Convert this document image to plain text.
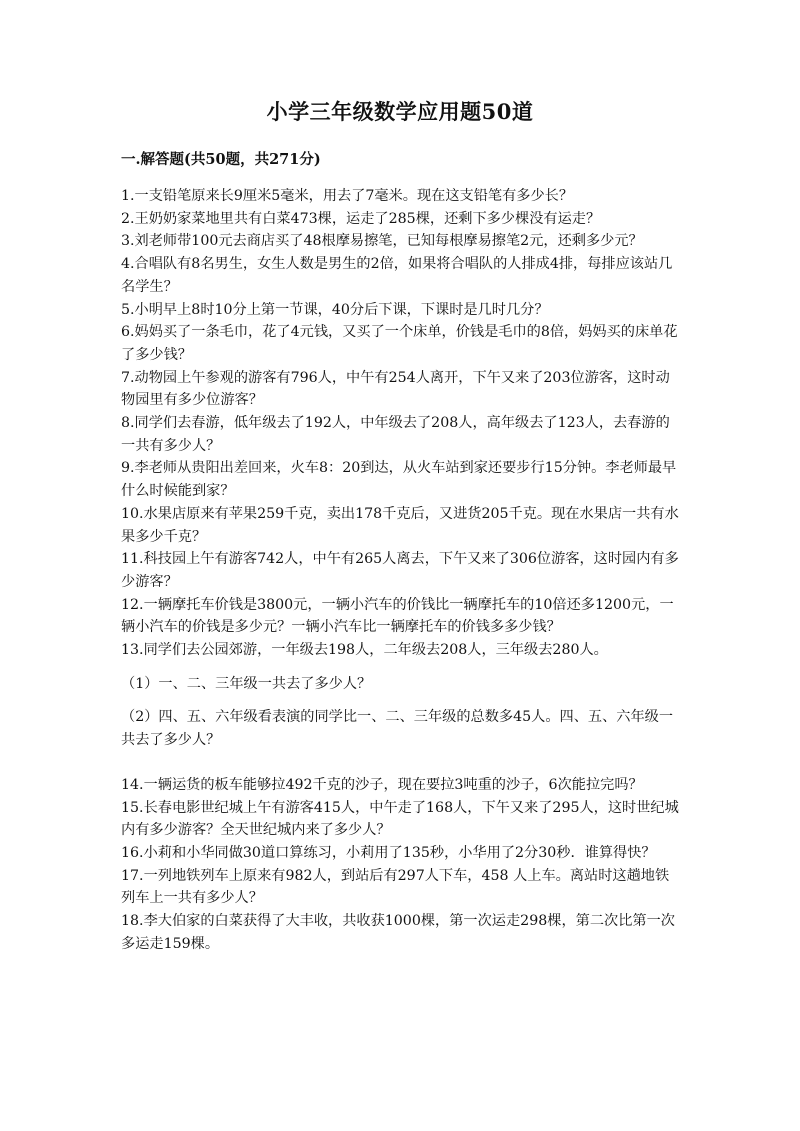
小学三年级数学应用题50道
一.解答题(共50题，共271分)

1.一支铅笔原来长9厘米5毫米，用去了7毫米。现在这支铅笔有多少长？

2.王奶奶家菜地里共有白菜473棵，运走了285棵，还剩下多少棵没有运走？

3.刘老师带100元去商店买了48根摩易擦笔，已知每根摩易擦笔2元，还剩多少元？

4.合唱队有8名男生，女生人数是男生的2倍，如果将合唱队的人排成4排，每排应该站几名学生？

5.小明早上8时10分上第一节课，40分后下课，下课时是几时几分？

6.妈妈买了一条毛巾，花了4元钱，又买了一个床单，价钱是毛巾的8倍，妈妈买的床单花了多少钱？

7.动物园上午参观的游客有796人，中午有254人离开，下午又来了203位游客，这时动物园里有多少位游客？

8.同学们去春游，低年级去了192人，中年级去了208人，高年级去了123人，去春游的一共有多少人？

9.李老师从贵阳出差回来，火车8：20到达，从火车站到家还要步行15分钟。李老师最早什么时候能到家？

10.水果店原来有苹果259千克，卖出178千克后，又进货205千克。现在水果店一共有水果多少千克？

11.科技园上午有游客742人，中午有265人离去，下午又来了306位游客，这时园内有多少游客？

12.一辆摩托车价钱是3800元，一辆小汽车的价钱比一辆摩托车的10倍还多1200元，一辆小汽车的价钱是多少元？一辆小汽车比一辆摩托车的价钱多多少钱？

13.同学们去公园郊游，一年级去198人，二年级去208人，三年级去280人。

（1）一、二、三年级一共去了多少人？

（2）四、五、六年级看表演的同学比一、二、三年级的总数多45人。四、五、六年级一共去了多少人？

14.一辆运货的板车能够拉492千克的沙子，现在要拉3吨重的沙子，6次能拉完吗？

15.长春电影世纪城上午有游客415人，中午走了168人，下午又来了295人，这时世纪城内有多少游客？全天世纪城内来了多少人？

16.小莉和小华同做30道口算练习，小莉用了135秒，小华用了2分30秒．谁算得快？

17.一列地铁列车上原来有982人，到站后有297人下车，458 人上车。离站时这趟地铁列车上一共有多少人？

18.李大伯家的白菜获得了大丰收，共收获1000棵，第一次运走298棵，第二次比第一次多运走159棵。
